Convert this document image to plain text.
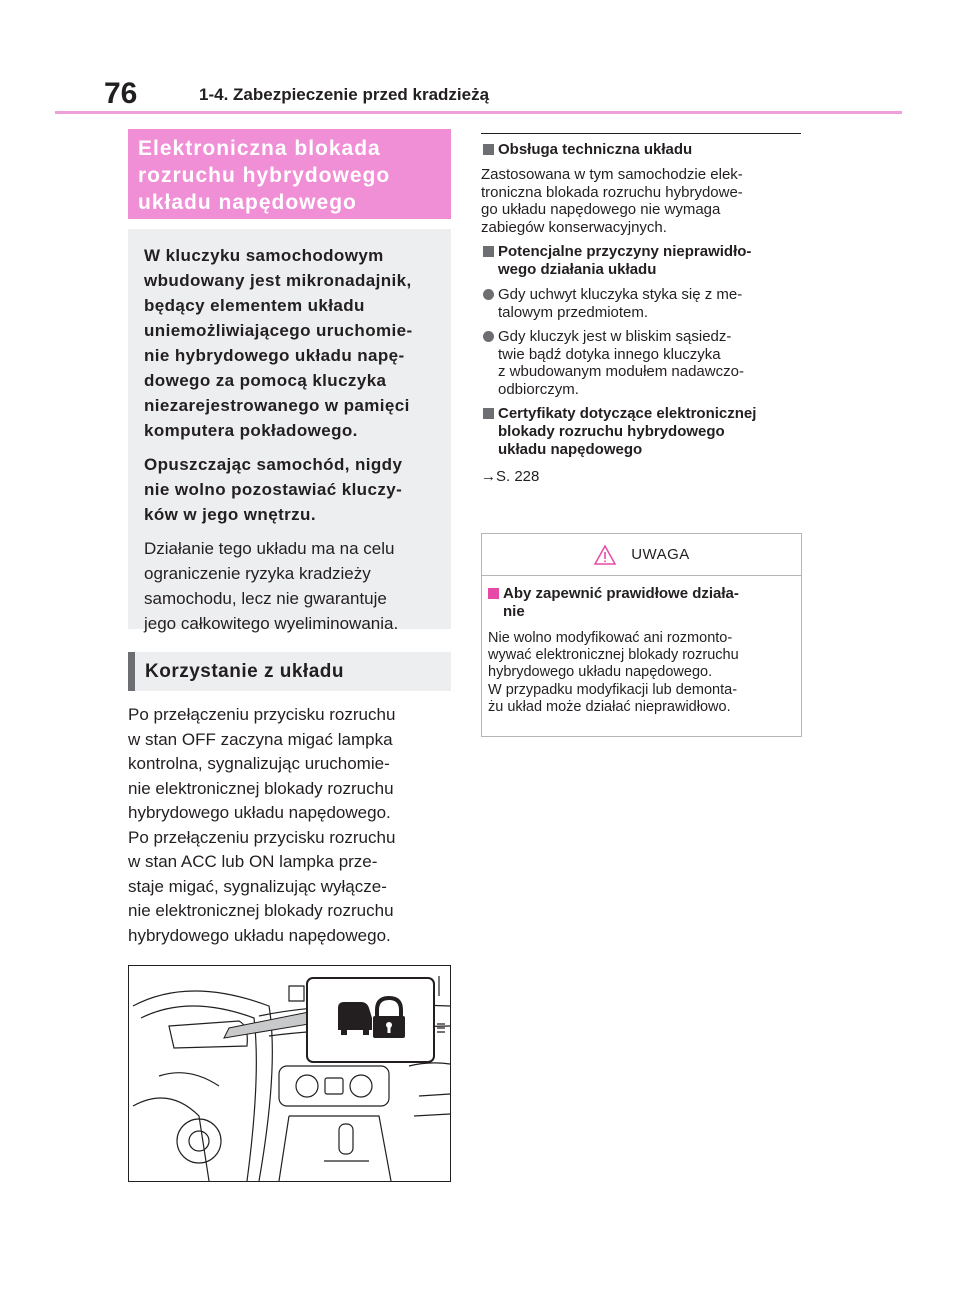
76	1-4. Zabezpieczenie przed kradzieżą

Elektroniczna blokada

rozruchu hybrydowego

układu napędowego

W kluczyku samochodowym

wbudowany jest mikronadajnik,

będący elementem układu

uniemożliwiającego uruchomie-

nie hybrydowego układu napę-

dowego za pomocą kluczyka

niezarejestrowanego w pamięci

komputera pokładowego.

Opuszczając samochód, nigdy

nie wolno pozostawiać kluczy-

ków w jego wnętrzu.

Działanie tego układu ma na celu

ograniczenie ryzyka kradzieży

samochodu, lecz nie gwarantuje

jego całkowitego wyeliminowania.

Korzystanie z układu
Po przełączeniu przycisku rozruchu
w stan OFF zaczyna migać lampka
kontrolna, sygnalizując uruchomie-
nie elektronicznej blokady rozruchu
hybrydowego układu napędowego.
Po przełączeniu przycisku rozruchu
w stan ACC lub ON lampka prze-
staje migać, sygnalizując wyłącze-
nie elektronicznej blokady rozruchu
hybrydowego układu napędowego.

Obsługa techniczna układu

Zastosowana w tym samochodzie elek-

troniczna blokada rozruchu hybrydowe-

go układu napędowego nie wymaga

zabiegów konserwacyjnych.

Potencjalne przyczyny nieprawidło-
wego działania układu
Gdy uchwyt kluczyka styka się z me-
talowym przedmiotem.
Gdy kluczyk jest w bliskim sąsiedz-
twie bądź dotyka innego kluczyka
z wbudowanym modułem nadawczo-
odbiorczym.
Certyfikaty dotyczące elektronicznej
blokady rozruchu hybrydowego
układu napędowego

→S. 228

UWAGA
Aby zapewnić prawidłowe działa-
nie
Nie wolno modyfikować ani rozmonto-
wywać elektronicznej blokady rozruchu
hybrydowego układu napędowego.
W przypadku modyfikacji lub demonta-
żu układ może działać nieprawidłowo.
